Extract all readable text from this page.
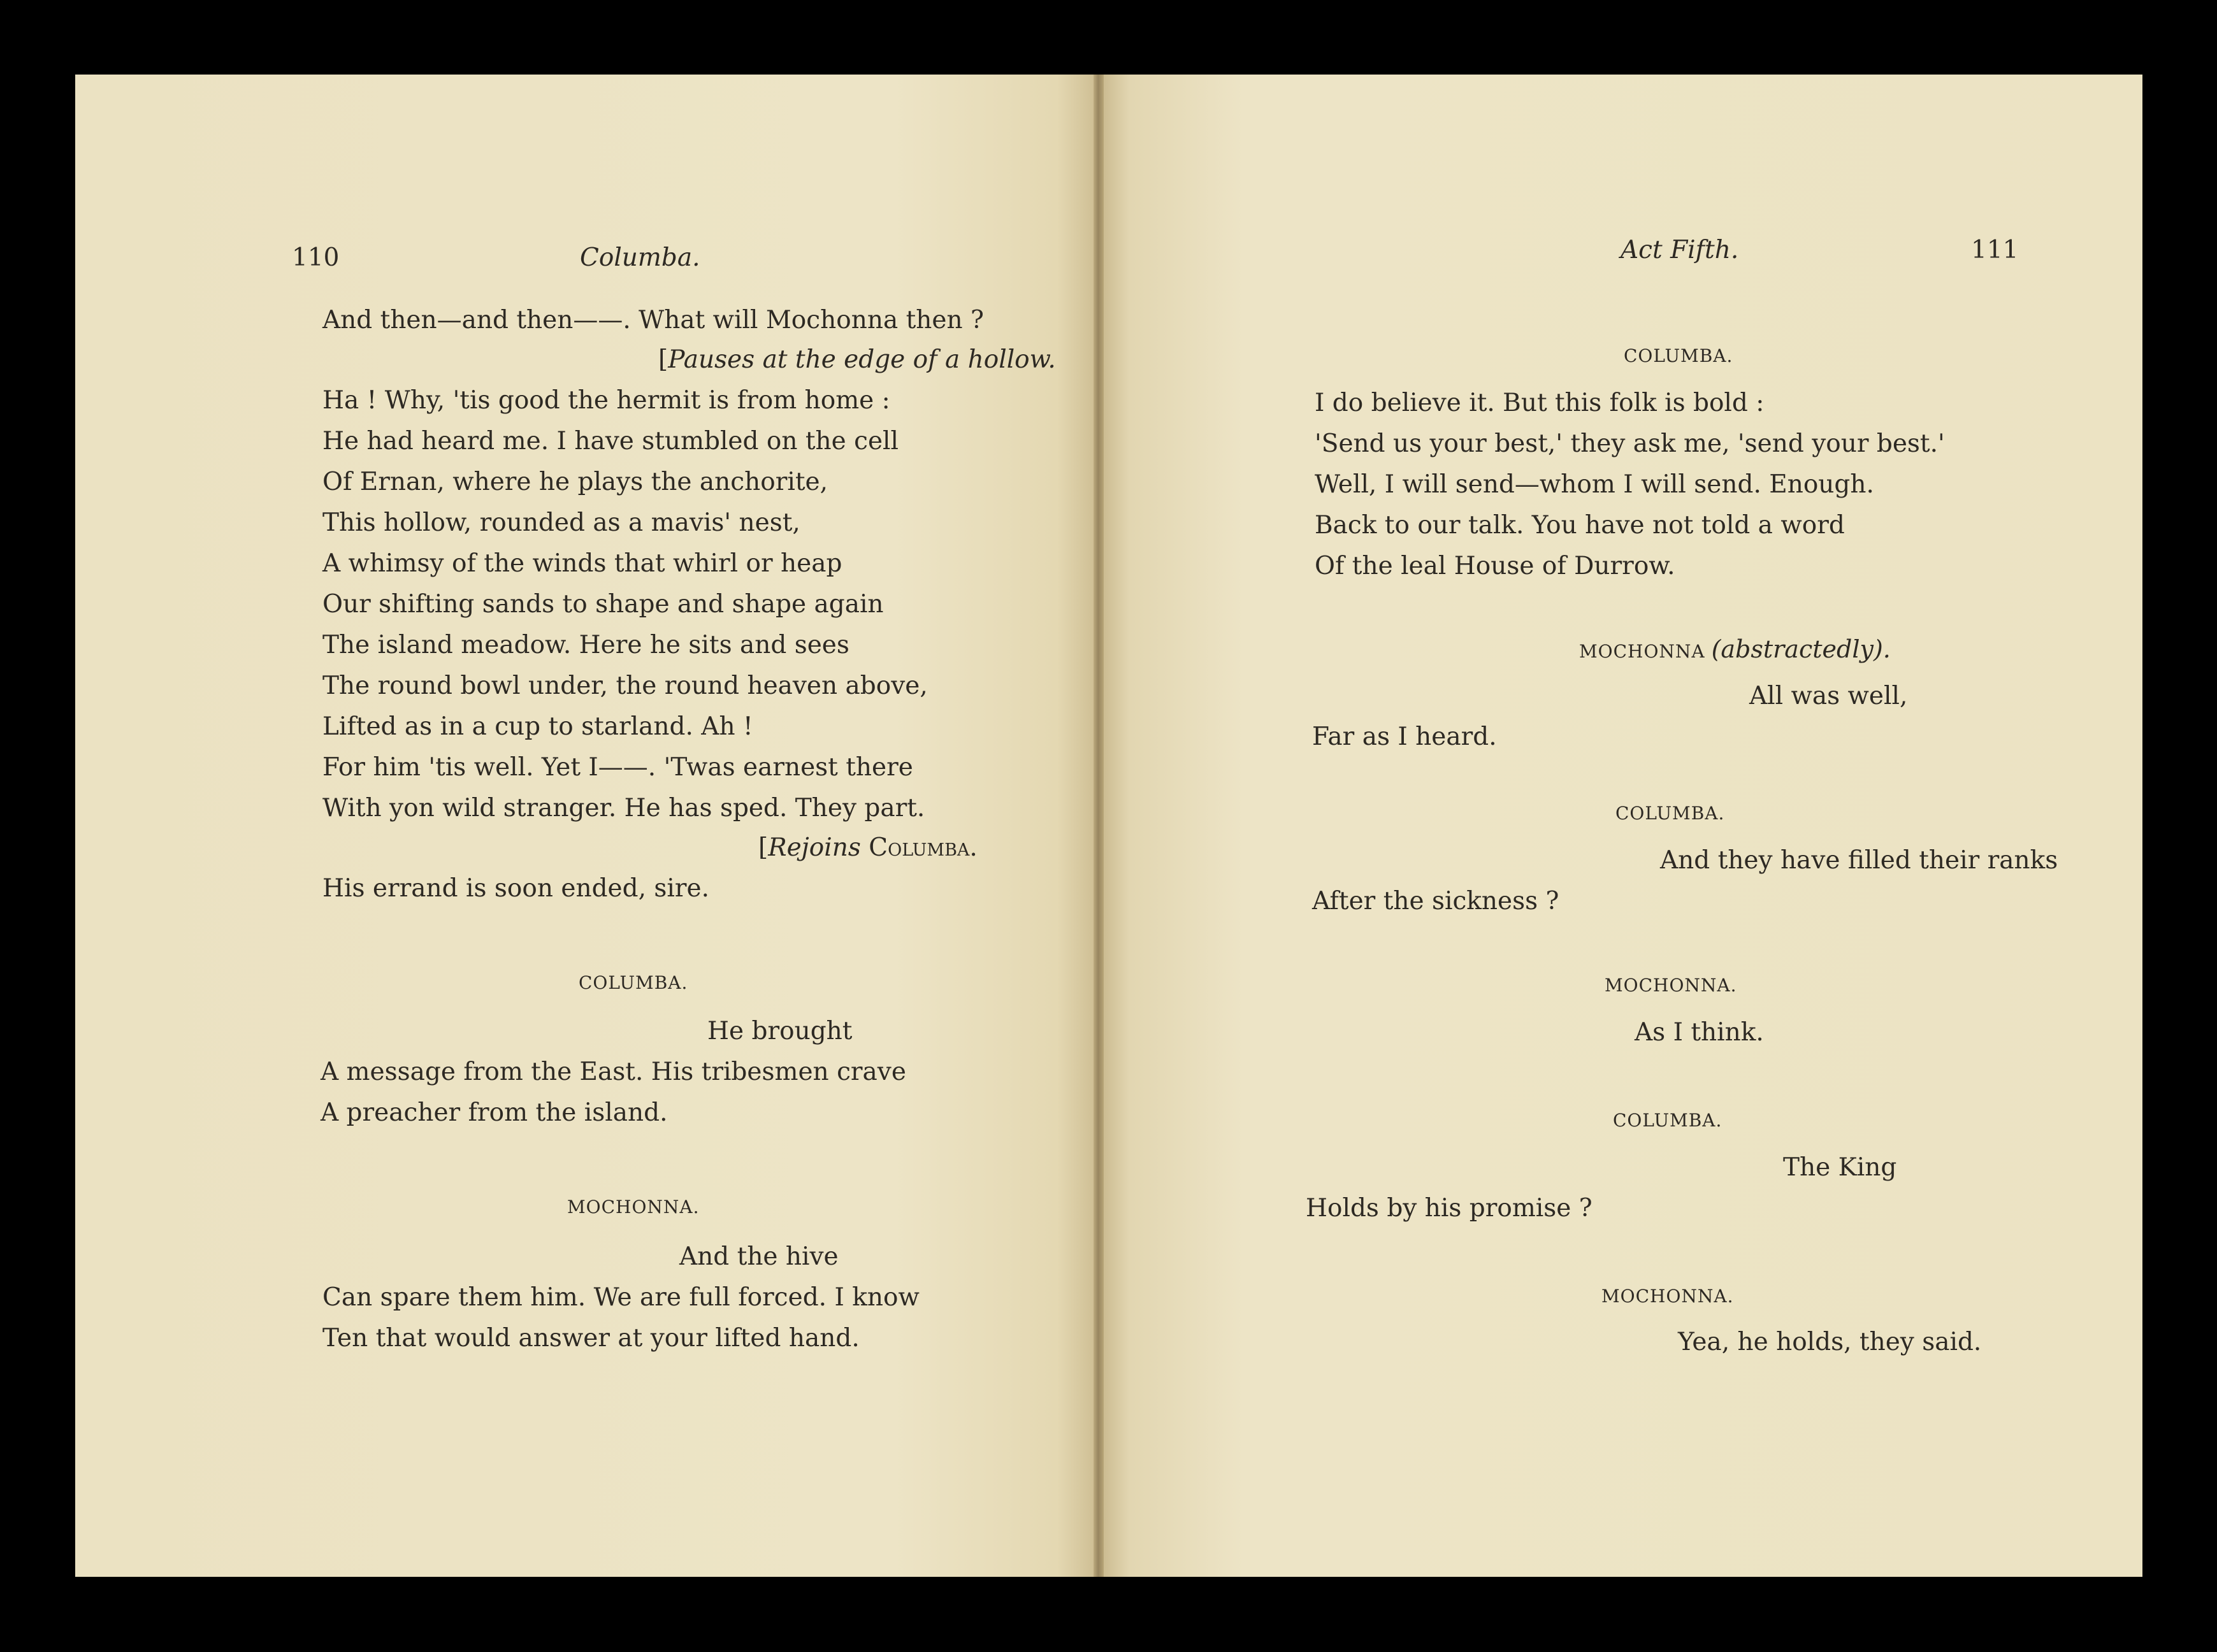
110	Columba.
And then—and then——. What will Mochonna then ?
[Pauses at the edge of a hollow.
Ha ! Why, 'tis good the hermit is from home :
He had heard me. I have stumbled on the cell
Of Ernan, where he plays the anchorite,
This hollow, rounded as a mavis' nest,
A whimsy of the winds that whirl or heap
Our shifting sands to shape and shape again
The island meadow. Here he sits and sees
The round bowl under, the round heaven above,
Lifted as in a cup to starland. Ah !
For him 'tis well. Yet I——. 'Twas earnest there
With yon wild stranger. He has sped. They part.
[Rejoins Columba.
His errand is soon ended, sire.
COLUMBA.
He brought
A message from the East. His tribesmen crave
A preacher from the island.
MOCHONNA.
And the hive
Can spare them him. We are full forced. I know
Ten that would answer at your lifted hand.
Act Fifth.	111
COLUMBA.
I do believe it. But this folk is bold :
'Send us your best,' they ask me, 'send your best.'
Well, I will send—whom I will send. Enough.
Back to our talk. You have not told a word
Of the leal House of Durrow.
MOCHONNA (abstractedly).
All was well,
Far as I heard.
COLUMBA.
And they have filled their ranks
After the sickness ?
MOCHONNA.
As I think.
COLUMBA.
The King
Holds by his promise ?
MOCHONNA.
Yea, he holds, they said.
